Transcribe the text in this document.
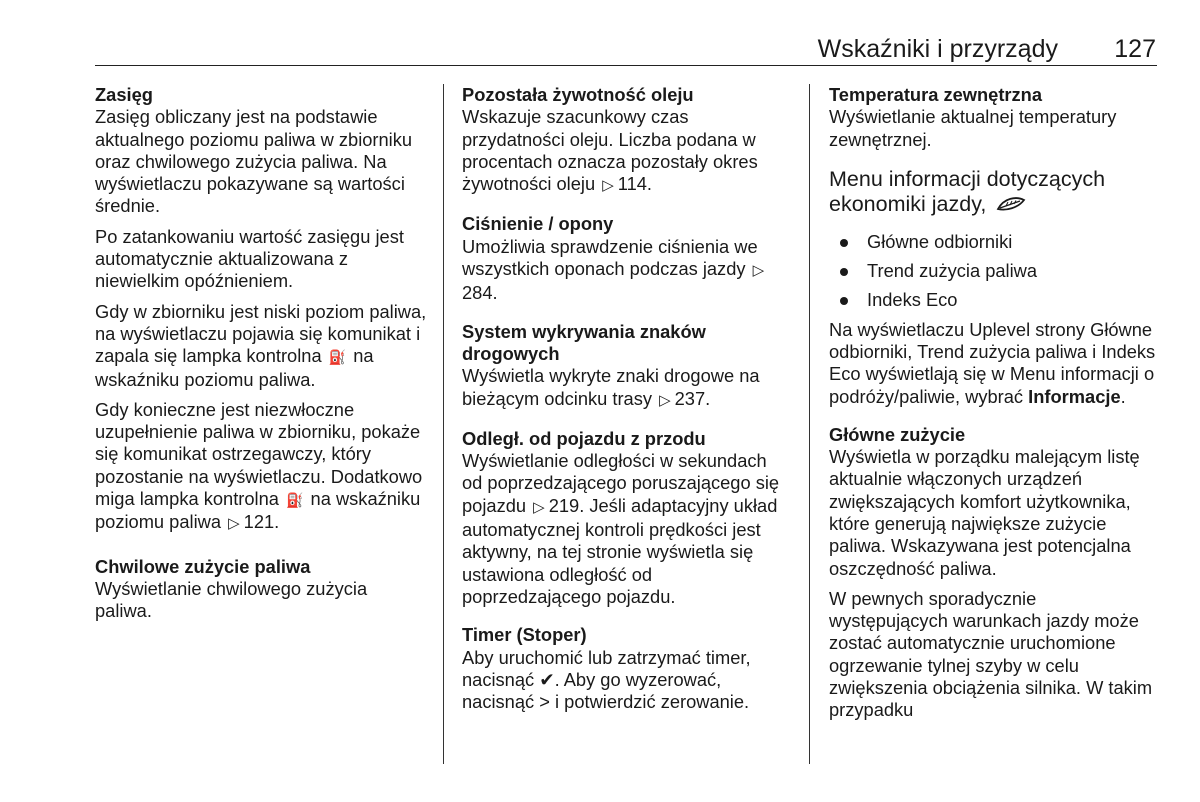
Wskaźniki i przyrządy 127
Zasięg

Zasięg obliczany jest na podstawie aktualnego poziomu paliwa w zbiorniku oraz chwilowego zużycia paliwa. Na wyświetlaczu pokazywane są wartości średnie.

Po zatankowaniu wartość zasięgu jest automatycznie aktualizowana z niewielkim opóźnieniem.

Gdy w zbiorniku jest niski poziom paliwa, na wyświetlaczu pojawia się komunikat i zapala się lampka kontrolna ⛽ na wskaźniku poziomu paliwa.

Gdy konieczne jest niezwłoczne uzupełnienie paliwa w zbiorniku, pokaże się komunikat ostrzegawczy, który pozostanie na wyświetlaczu. Dodatkowo miga lampka kontrolna ⛽ na wskaźniku poziomu paliwa ▷ 121.

Chwilowe zużycie paliwa

Wyświetlanie chwilowego zużycia paliwa.

Pozostała żywotność oleju

Wskazuje szacunkowy czas przydatności oleju. Liczba podana w procentach oznacza pozostały okres żywotności oleju ▷ 114.

Ciśnienie / opony

Umożliwia sprawdzenie ciśnienia we wszystkich oponach podczas jazdy ▷284.

System wykrywania znaków drogowych

Wyświetla wykryte znaki drogowe na bieżącym odcinku trasy ▷ 237.

Odległ. od pojazdu z przodu

Wyświetlanie odległości w sekundach od poprzedzającego poruszającego się pojazdu ▷ 219. Jeśli adaptacyjny układ automatycznej kontroli prędkości jest aktywny, na tej stronie wyświetla się ustawiona odległość od poprzedzającego pojazdu.

Timer (Stoper)

Aby uruchomić lub zatrzymać timer, nacisnąć ✔. Aby go wyzerować, nacisnąć > i potwierdzić zerowanie.

Temperatura zewnętrzna

Wyświetlanie aktualnej temperatury zewnętrznej.

Menu informacji dotyczących ekonomiki jazdy,
Główne odbiorniki
Trend zużycia paliwa
Indeks Eco

Na wyświetlaczu Uplevel strony Główne odbiorniki, Trend zużycia paliwa i Indeks Eco wyświetlają się w Menu informacji o podróży/paliwie, wybrać Informacje.

Główne zużycie

Wyświetla w porządku malejącym listę aktualnie włączonych urządzeń zwiększających komfort użytkownika, które generują największe zużycie paliwa. Wskazywana jest potencjalna oszczędność paliwa.

W pewnych sporadycznie występujących warunkach jazdy może zostać automatycznie uruchomione ogrzewanie tylnej szyby w celu zwiększenia obciążenia silnika. W takim przypadku
